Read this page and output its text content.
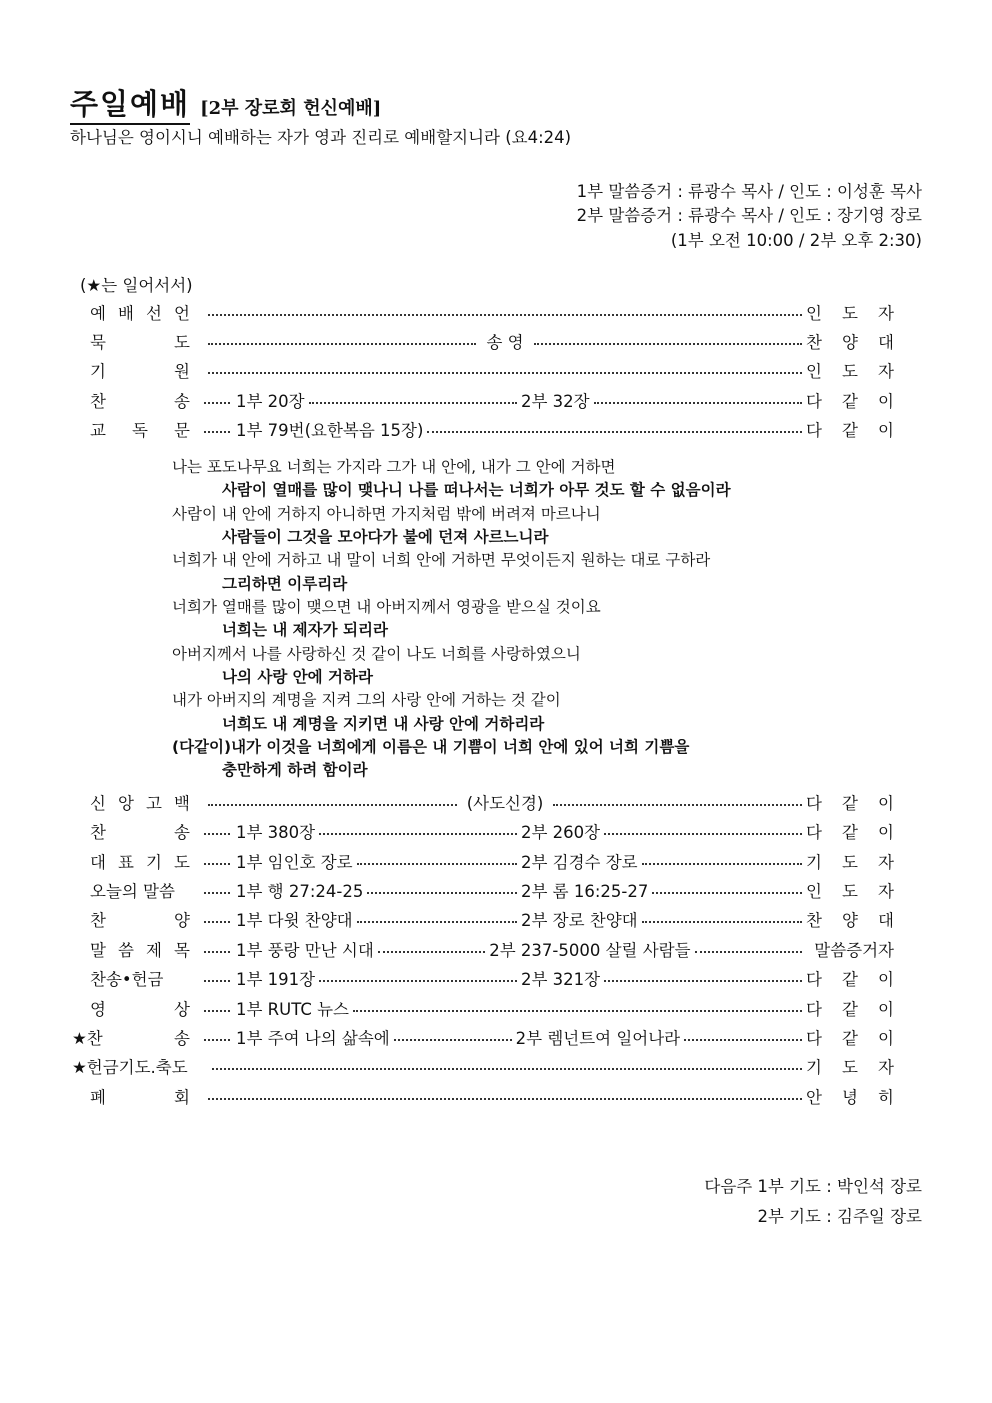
주일예배 [2부 장로회 헌신예배]
하나님은 영이시니 예배하는 자가 영과 진리로 예배할지니라 (요4:24)
1부 말씀증거 : 류광수 목사 / 인도 : 이성훈 목사
2부 말씀증거 : 류광수 목사 / 인도 : 장기영 장로
(1부 오전 10:00 / 2부 오후 2:30)
(★는 일어서서)
예 배 선 언	인 도 자
묵	도	송 영	찬 양 대
기	원	인 도 자
찬	송	1부 20장	2부 32장	다 같 이
교 독 문	1부 79번(요한복음 15장)	다 같 이
나는 포도나무요 너희는 가지라 그가 내 안에, 내가 그 안에 거하면
사람이 열매를 많이 맺나니 나를 떠나서는 너희가 아무 것도 할 수 없음이라
사람이 내 안에 거하지 아니하면 가지처럼 밖에 버려져 마르나니
사람들이 그것을 모아다가 불에 던져 사르느니라
너희가 내 안에 거하고 내 말이 너희 안에 거하면 무엇이든지 원하는 대로 구하라
그리하면 이루리라
너희가 열매를 많이 맺으면 내 아버지께서 영광을 받으실 것이요
너희는 내 제자가 되리라
아버지께서 나를 사랑하신 것 같이 나도 너희를 사랑하였으니
나의 사랑 안에 거하라
내가 아버지의 계명을 지켜 그의 사랑 안에 거하는 것 같이
너희도 내 계명을 지키면 내 사랑 안에 거하리라
(다같이)내가 이것을 너희에게 이름은 내 기쁨이 너희 안에 있어 너희 기쁨을
충만하게 하려 함이라
신 앙 고 백	(사도신경)	다 같 이
찬	송	1부 380장	2부 260장	다 같 이
대 표 기 도	1부 임인호 장로	2부 김경수 장로	기 도 자
오늘의 말씀	1부 행 27:24-25	2부 롬 16:25-27	인 도 자
찬	양	1부 다윗 찬양대	2부 장로 찬양대	찬 양 대
말 씀 제 목	1부 풍랑 만난 시대	2부 237-5000 살릴 사람들	말씀증거자
찬송•헌금	1부 191장	2부 321장	다 같 이
영	상	1부 RUTC 뉴스	다 같 이
★찬	송	1부 주여 나의 삶속에	2부 렘넌트여 일어나라	다 같 이
★헌금기도.축도	기 도 자
폐	회	안 녕 히
다음주 1부 기도 : 박인석 장로
2부 기도 : 김주일 장로
